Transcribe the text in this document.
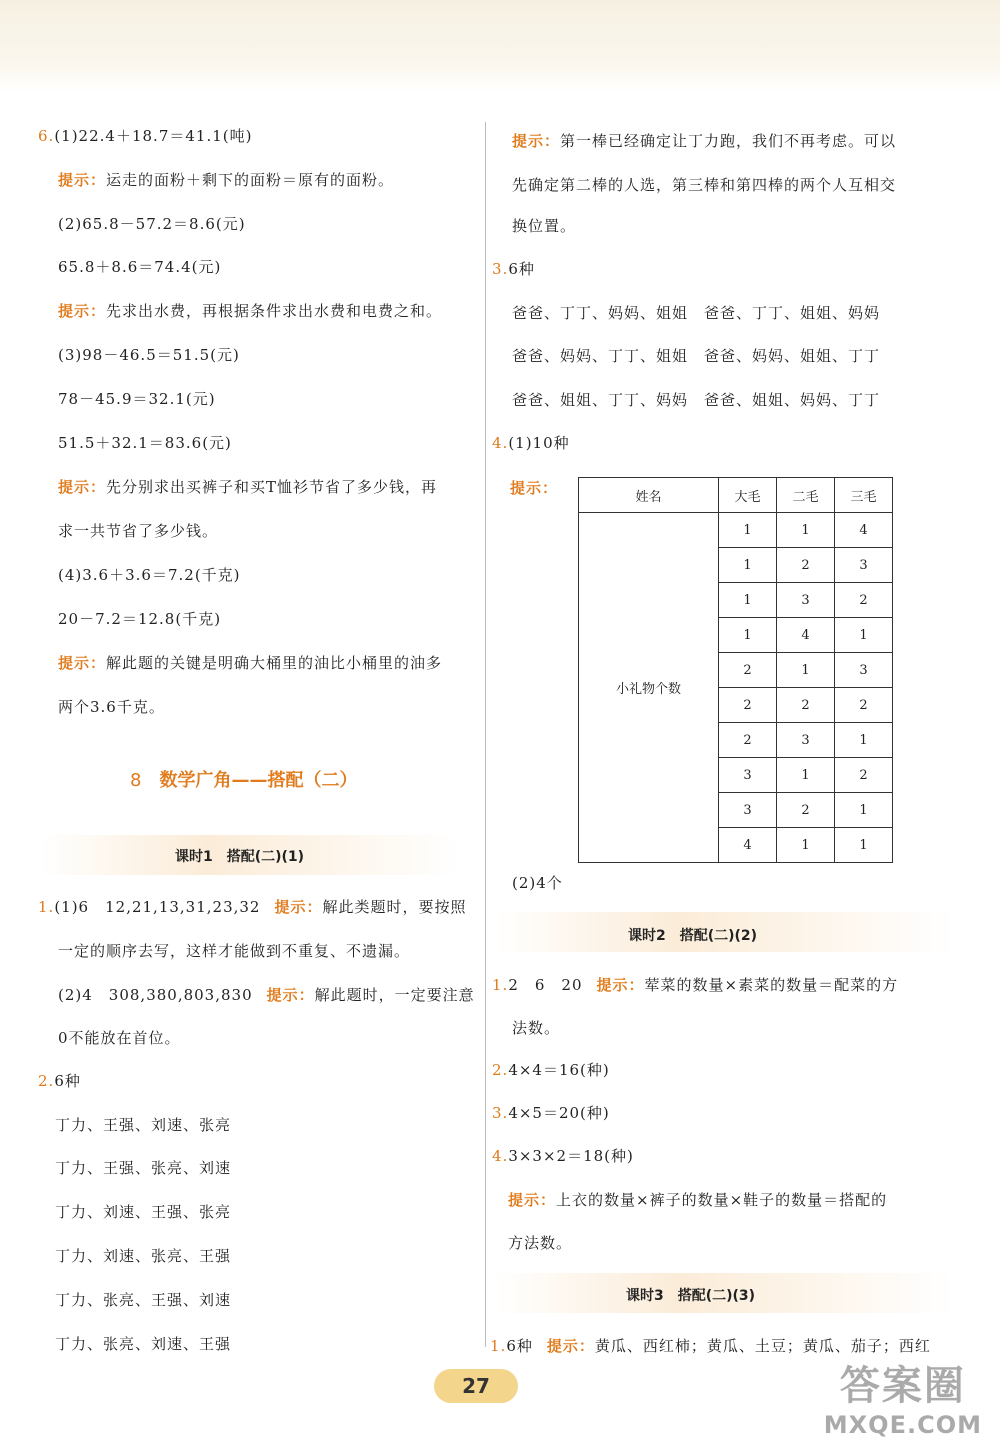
6.(1)22.4＋18.7＝41.1(吨)
提示：运走的面粉＋剩下的面粉＝原有的面粉。
(2)65.8－57.2＝8.6(元)
65.8＋8.6＝74.4(元)
提示：先求出水费，再根据条件求出水费和电费之和。
(3)98－46.5＝51.5(元)
78－45.9＝32.1(元)
51.5＋32.1＝83.6(元)
提示：先分别求出买裤子和买T恤衫节省了多少钱，再
求一共节省了多少钱。
(4)3.6＋3.6＝7.2(千克)
20－7.2＝12.8(千克)
提示：解此题的关键是明确大桶里的油比小桶里的油多
两个3.6千克。
8 数学广角——搭配（二）
课时1　搭配(二)(1)
1.(1)6　12,21,13,31,23,32 提示：解此类题时，要按照
一定的顺序去写，这样才能做到不重复、不遗漏。
(2)4　308,380,803,830 提示：解此题时，一定要注意
0不能放在首位。
2.6种
丁力、王强、刘速、张亮
丁力、王强、张亮、刘速
丁力、刘速、王强、张亮
丁力、刘速、张亮、王强
丁力、张亮、王强、刘速
丁力、张亮、刘速、王强
提示：第一棒已经确定让丁力跑，我们不再考虑。可以
先确定第二棒的人选，第三棒和第四棒的两个人互相交
换位置。
3.6种
爸爸、丁丁、妈妈、姐姐　爸爸、丁丁、姐姐、妈妈
爸爸、妈妈、丁丁、姐姐　爸爸、妈妈、姐姐、丁丁
爸爸、姐姐、丁丁、妈妈　爸爸、姐姐、妈妈、丁丁
4.(1)10种
提示：	姓名	大毛	二毛	三毛
小礼物个数	1	1	4
	1	2	3
	1	3	2
	1	4	1
	2	1	3
	2	2	2
	2	3	1
	3	1	2
	3	2	1
	4	1	1
(2)4个
课时2　搭配(二)(2)
1.2　6　20 提示：荤菜的数量×素菜的数量＝配菜的方
法数。
2.4×4＝16(种)
3.4×5＝20(种)
4.3×3×2＝18(种)
提示：上衣的数量×裤子的数量×鞋子的数量＝搭配的
方法数。
课时3　搭配(二)(3)
1.6种 提示：黄瓜、西红柿；黄瓜、土豆；黄瓜、茄子；西红
27	答案圈
MXQE.COM
